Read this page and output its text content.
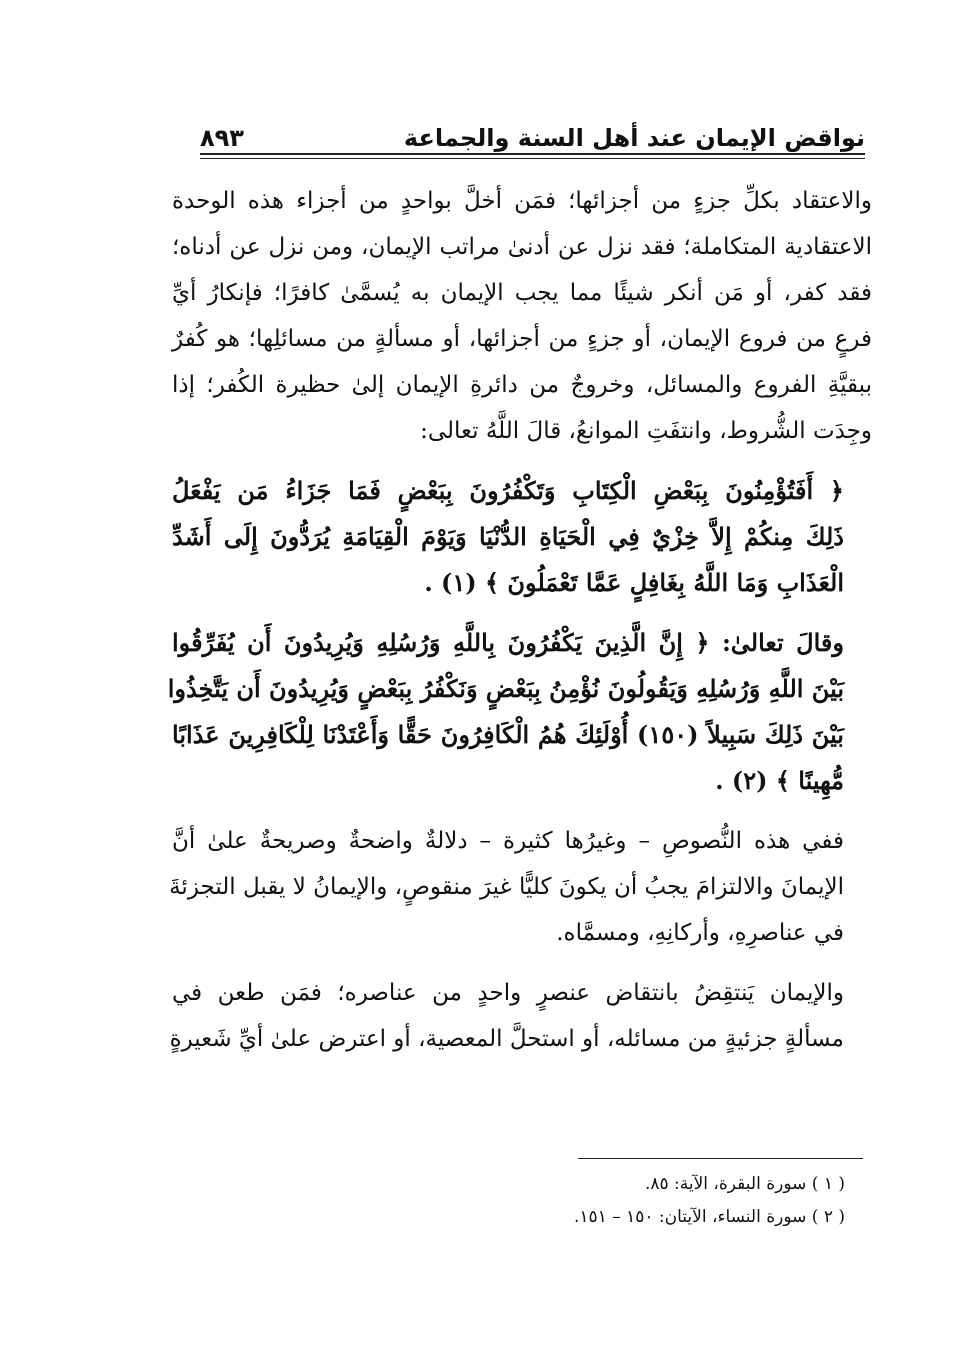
نواقض الإيمان عند أهل السنة والجماعة
٨٩٣

والاعتقاد بكلِّ جزءٍ من أجزائها؛ فمَن أخلَّ بواحدٍ من أجزاء هذه الوحدة
الاعتقادية المتكاملة؛ فقد نزل عن أدنىٰ مراتب الإيمان، ومن نزل عن أدناه؛
فقد كفر، أو مَن أنكر شيئًا مما يجب الإيمان به يُسمَّىٰ كافرًا؛ فإنكارُ أيِّ
فرعٍ من فروع الإيمان، أو جزءٍ من أجزائها، أو مسألةٍ من مسائلِها؛ هو كُفرٌ
ببقيَّةِ الفروع والمسائل، وخروجٌ من دائرةِ الإيمان إلىٰ حظيرة الكُفر؛ إذا
وجِدَت الشُّروط، وانتفَتِ الموانعُ، قالَ اللَّهُ تعالى:

﴿ أَفَتُؤْمِنُونَ بِبَعْضِ الْكِتَابِ وَتَكْفُرُونَ بِبَعْضٍ فَمَا جَزَاءُ مَن يَفْعَلُ
ذَلِكَ مِنكُمْ إِلاَّ خِزْيٌ فِي الْحَيَاةِ الدُّنْيَا وَيَوْمَ الْقِيَامَةِ يُرَدُّونَ إِلَى أَشَدِّ
الْعَذَابِ وَمَا اللَّهُ بِغَافِلٍ عَمَّا تَعْمَلُونَ ﴾ (١) .

وقالَ تعالىٰ: ﴿ إِنَّ الَّذِينَ يَكْفُرُونَ بِاللَّهِ وَرُسُلِهِ وَيُرِيدُونَ أَن يُفَرِّقُوا
بَيْنَ اللَّهِ وَرُسُلِهِ وَيَقُولُونَ نُؤْمِنُ بِبَعْضٍ وَنَكْفُرُ بِبَعْضٍ وَيُرِيدُونَ أَن يَتَّخِذُوا
بَيْنَ ذَلِكَ سَبِيلاً (١٥٠) أُوْلَئِكَ هُمُ الْكَافِرُونَ حَقًّا وَأَعْتَدْنَا لِلْكَافِرِينَ عَذَابًا
مُّهِينًا ﴾ (٢) .

ففي هذه النُّصوصِ – وغيرُها كثيرة – دلالةٌ واضحةٌ وصريحةٌ علىٰ أنَّ
الإيمانَ والالتزامَ يجبُ أن يكونَ كليًّا غيرَ منقوصٍ، والإيمانُ لا يقبل التجزئةَ
في عناصرِهِ، وأركانِهِ، ومسمَّاه.

والإيمان يَنتقِضُ بانتقاض عنصرٍ واحدٍ من عناصره؛ فمَن طعن في
مسألةٍ جزئيةٍ من مسائله، أو استحلَّ المعصية، أو اعترض علىٰ أيِّ شَعيرةٍ

( ١ ) سورة البقرة، الآية: ٨٥.
( ٢ ) سورة النساء، الآيتان: ١٥٠ – ١٥١.
